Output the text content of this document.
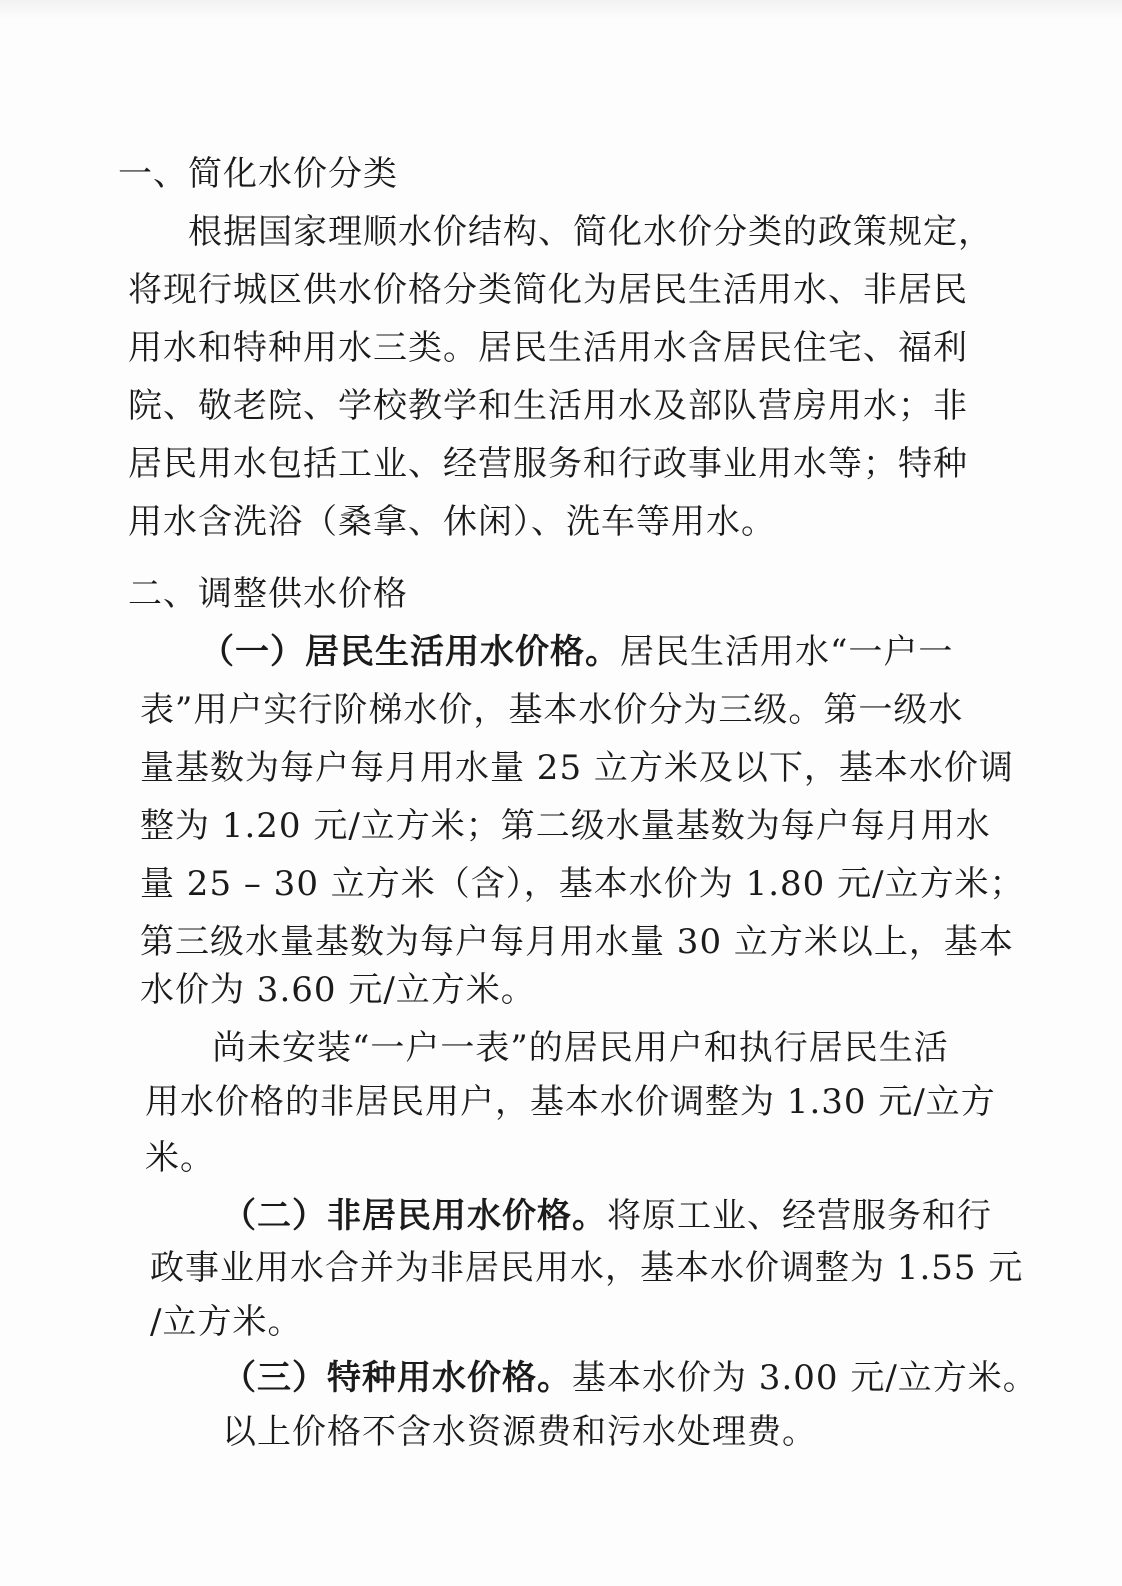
一、简化水价分类
根据国家理顺水价结构、简化水价分类的政策规定，
将现行城区供水价格分类简化为居民生活用水、非居民
用水和特种用水三类。居民生活用水含居民住宅、福利
院、敬老院、学校教学和生活用水及部队营房用水；非
居民用水包括工业、经营服务和行政事业用水等；特种
用水含洗浴（桑拿、休闲）、洗车等用水。
二、调整供水价格
（一）居民生活用水价格。居民生活用水“一户一
表”用户实行阶梯水价，基本水价分为三级。第一级水
量基数为每户每月用水量 25 立方米及以下，基本水价调
整为 1.20 元/立方米；第二级水量基数为每户每月用水
量 25 – 30 立方米（含），基本水价为 1.80 元/立方米；
第三级水量基数为每户每月用水量 30 立方米以上，基本
水价为 3.60 元/立方米。
尚未安装“一户一表”的居民用户和执行居民生活
用水价格的非居民用户，基本水价调整为 1.30 元/立方
米。
（二）非居民用水价格。将原工业、经营服务和行
政事业用水合并为非居民用水，基本水价调整为 1.55 元
/立方米。
（三）特种用水价格。基本水价为 3.00 元/立方米。
以上价格不含水资源费和污水处理费。
